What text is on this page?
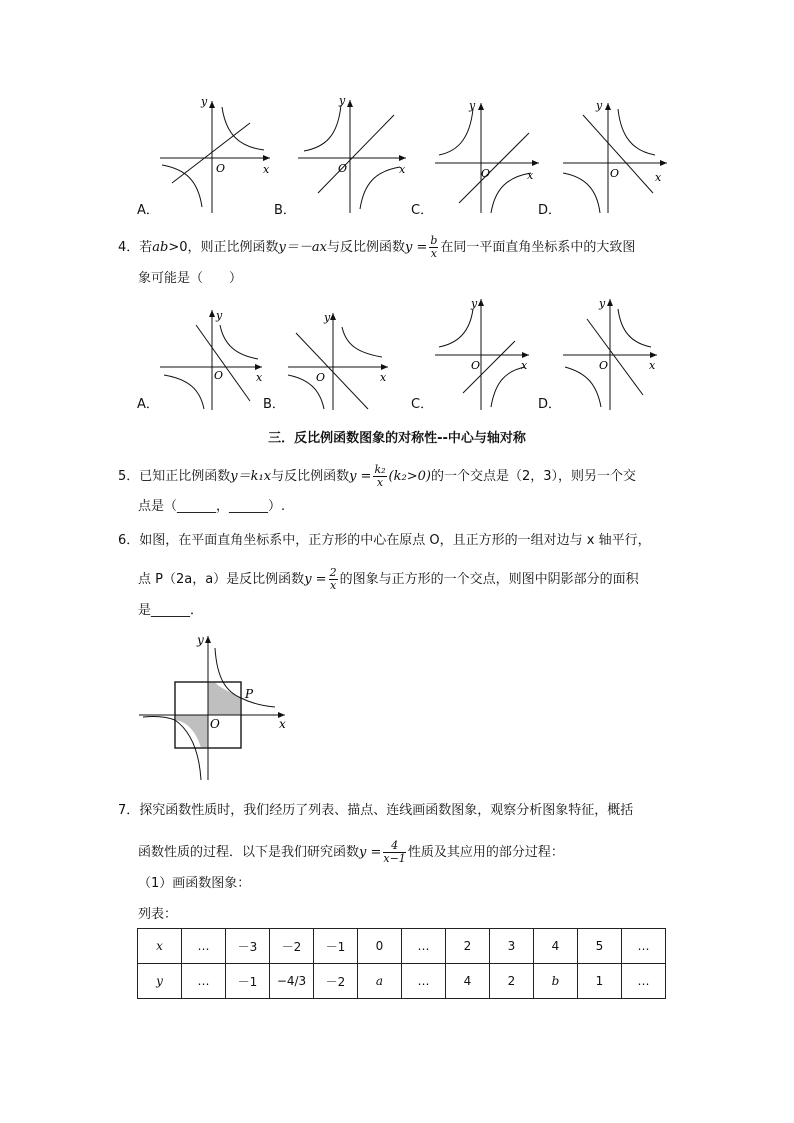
y
x
O
y
x
O
y
x
O
y
x
O
A．	B．	C．	D．
4．若ab>0，则正比例函数y＝－ax与反比例函数$y = \frac{b}{x}$ 在同一平面直角坐标系中的大致图
象可能是（　　）
y
x
O
y
x
O
y
x
O
y
x
O
A．	B．	C．	D．
三．反比例函数图象的对称性--中心与轴对称
5．已知正比例函数y＝k₁x与反比例函数$y = \frac{\text{k₂}}{x} (k_2>0)$的一个交点是（2，3），则另一个交
点是（______，______）.
6．如图，在平面直角坐标系中，正方形的中心在原点 O，且正方形的一组对边与 x 轴平行，
点 P（2a，a）是反比例函数$y = \frac{2}{x}$ 的图象与正方形的一个交点，则图中阴影部分的面积
是______．
y
x
O
P
7．探究函数性质时，我们经历了列表、描点、连线画函数图象，观察分析图象特征，概括
函数性质的过程．以下是我们研究函数$y = \frac{4}{x-1}$ 性质及其应用的部分过程：
（1）画函数图象：
列表：
x	…	－3	－2	－1	0	…	2	3	4	5	…
y	…	－1	−4/3	－2	a	…	4	2	b	1	…
